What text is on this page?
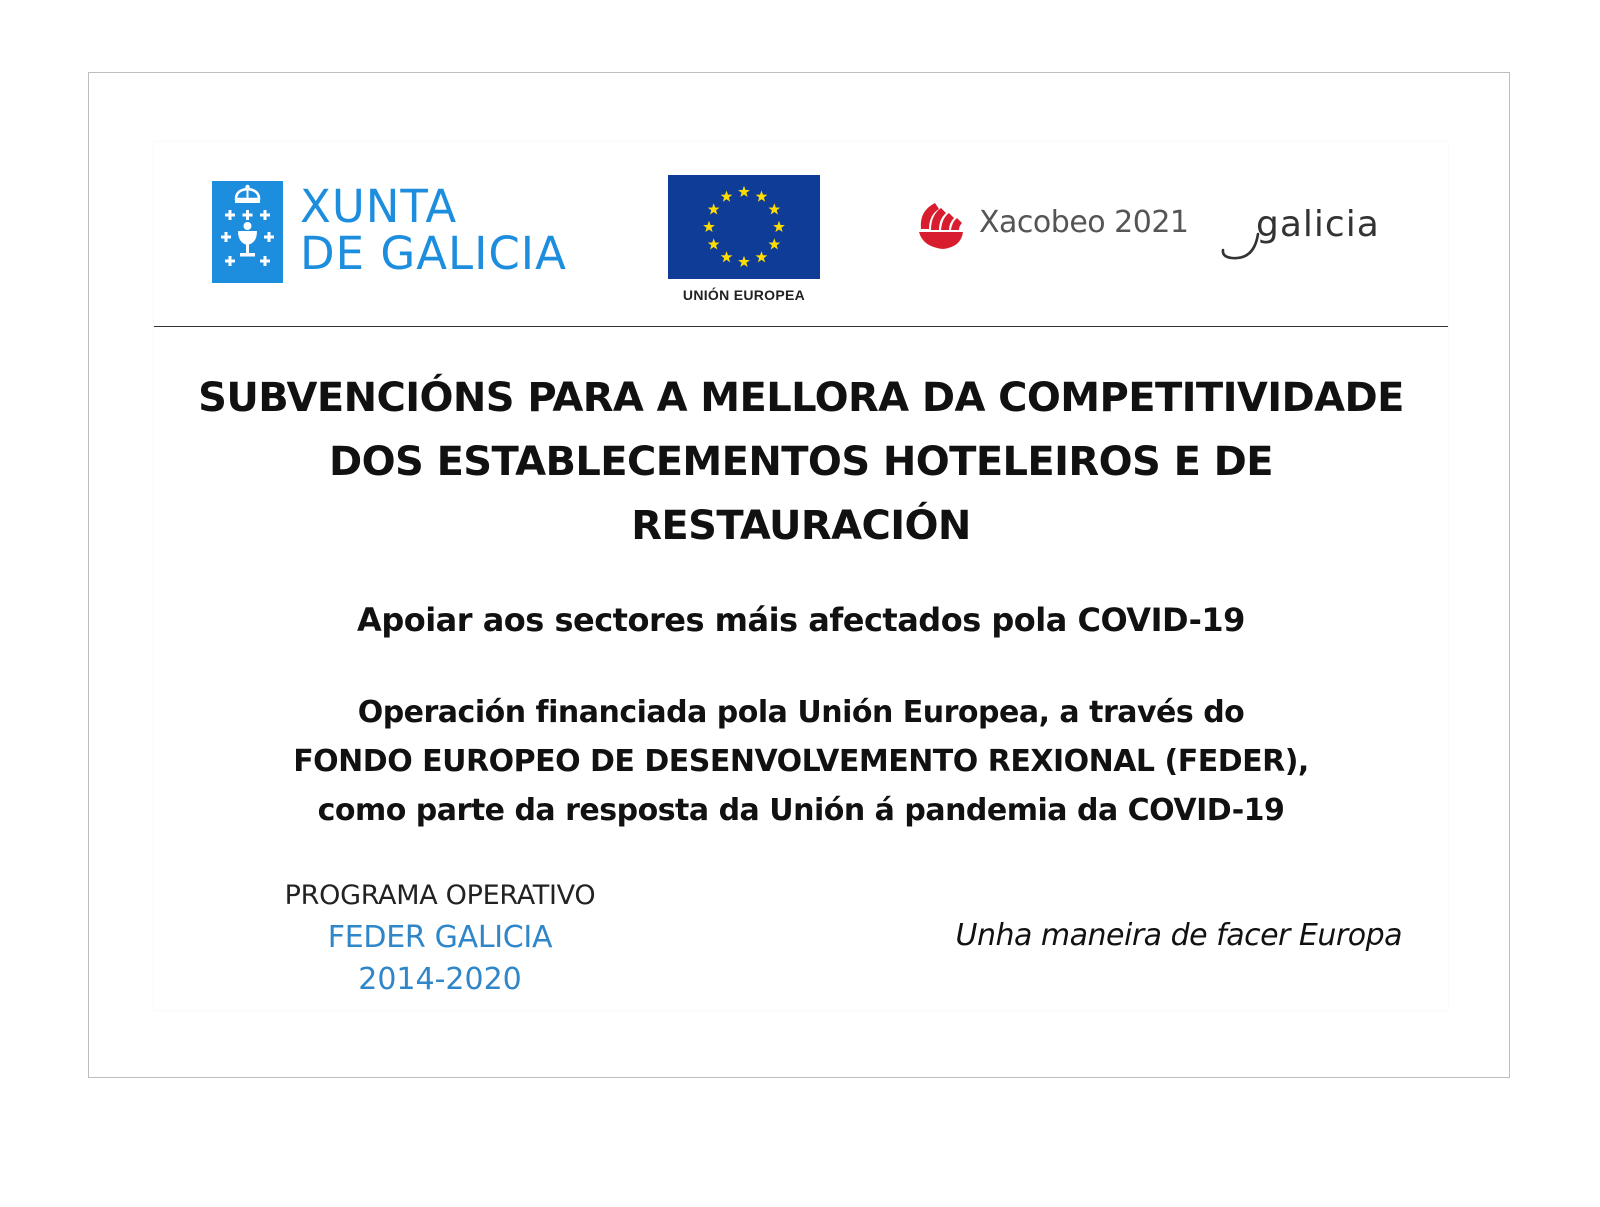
XUNTA
DE GALICIA
UNIÓN EUROPEA
Xacobeo 2021 galicia
SUBVENCIÓNS PARA A MELLORA DA COMPETITIVIDADE
DOS ESTABLECEMENTOS HOTELEIROS E DE
RESTAURACIÓN
Apoiar aos sectores máis afectados pola COVID-19
Operación financiada pola Unión Europea, a través do
FONDO EUROPEO DE DESENVOLVEMENTO REXIONAL (FEDER),
como parte da resposta da Unión á pandemia da COVID-19
PROGRAMA OPERATIVO
FEDER GALICIA
2014-2020
Unha maneira de facer Europa
